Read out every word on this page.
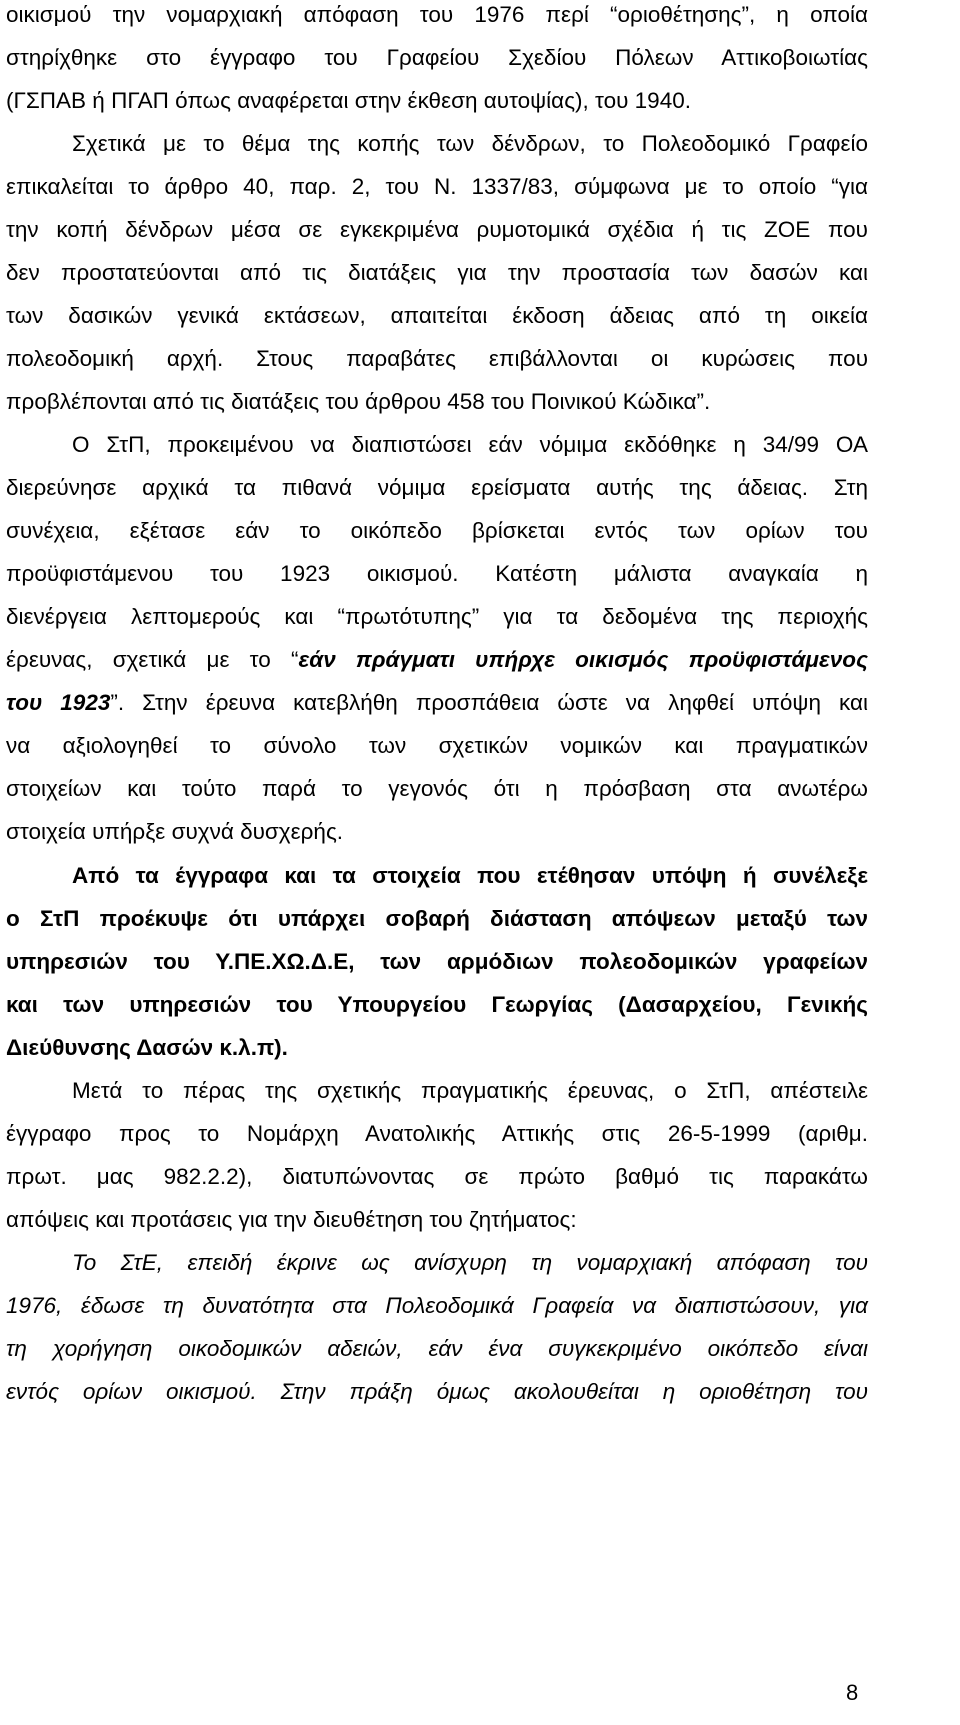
οικισμού την νομαρχιακή απόφαση του 1976 περί “οριοθέτησης”, η οποία
στηρίχθηκε στο έγγραφο του Γραφείου Σχεδίου Πόλεων Αττικοβοιωτίας
(ΓΣΠΑΒ ή ΠΓΑΠ όπως αναφέρεται στην έκθεση αυτοψίας), του 1940.
Σχετικά με το θέμα της κοπής των δένδρων, το Πολεοδομικό Γραφείο
επικαλείται το άρθρο 40, παρ. 2, του Ν. 1337/83, σύμφωνα με το οποίο “για
την κοπή δένδρων μέσα σε εγκεκριμένα ρυμοτομικά σχέδια ή τις ΖΟΕ που
δεν προστατεύονται από τις διατάξεις για την προστασία των δασών και
των δασικών γενικά εκτάσεων, απαιτείται έκδοση άδειας από τη οικεία
πολεοδομική αρχή. Στους παραβάτες επιβάλλονται οι κυρώσεις που
προβλέπονται από τις διατάξεις του άρθρου 458 του Ποινικού Κώδικα”.
Ο ΣτΠ, προκειμένου να διαπιστώσει εάν νόμιμα εκδόθηκε η 34/99 ΟΑ
διερεύνησε αρχικά τα πιθανά νόμιμα ερείσματα αυτής της άδειας. Στη
συνέχεια, εξέτασε εάν το οικόπεδο βρίσκεται εντός των ορίων του
προϋφιστάμενου του 1923 οικισμού. Κατέστη μάλιστα αναγκαία η
διενέργεια λεπτομερούς και “πρωτότυπης” για τα δεδομένα της περιοχής
έρευνας, σχετικά με το “εάν πράγματι υπήρχε οικισμός προϋφιστάμενος
του 1923”. Στην έρευνα κατεβλήθη προσπάθεια ώστε να ληφθεί υπόψη και
να αξιολογηθεί το σύνολο των σχετικών νομικών και πραγματικών
στοιχείων και τούτο παρά το γεγονός ότι η πρόσβαση στα ανωτέρω
στοιχεία υπήρξε συχνά δυσχερής.
Από τα έγγραφα και τα στοιχεία που ετέθησαν υπόψη ή συνέλεξε
ο ΣτΠ προέκυψε ότι υπάρχει σοβαρή διάσταση απόψεων μεταξύ των
υπηρεσιών του Υ.ΠΕ.ΧΩ.Δ.Ε, των αρμόδιων πολεοδομικών γραφείων
και των υπηρεσιών του Υπουργείου Γεωργίας (Δασαρχείου, Γενικής
Διεύθυνσης Δασών κ.λ.π).
Μετά το πέρας της σχετικής πραγματικής έρευνας, ο ΣτΠ, απέστειλε
έγγραφο προς το Νομάρχη Ανατολικής Αττικής στις 26-5-1999 (αριθμ.
πρωτ. μας 982.2.2), διατυπώνοντας σε πρώτο βαθμό τις παρακάτω
απόψεις και προτάσεις για την διευθέτηση του ζητήματος:
Το ΣτΕ, επειδή έκρινε ως ανίσχυρη τη νομαρχιακή απόφαση του
1976, έδωσε τη δυνατότητα στα Πολεοδομικά Γραφεία να διαπιστώσουν, για
τη χορήγηση οικοδομικών αδειών, εάν ένα συγκεκριμένο οικόπεδο είναι
εντός ορίων οικισμού. Στην πράξη όμως ακολουθείται η οριοθέτηση του
8
